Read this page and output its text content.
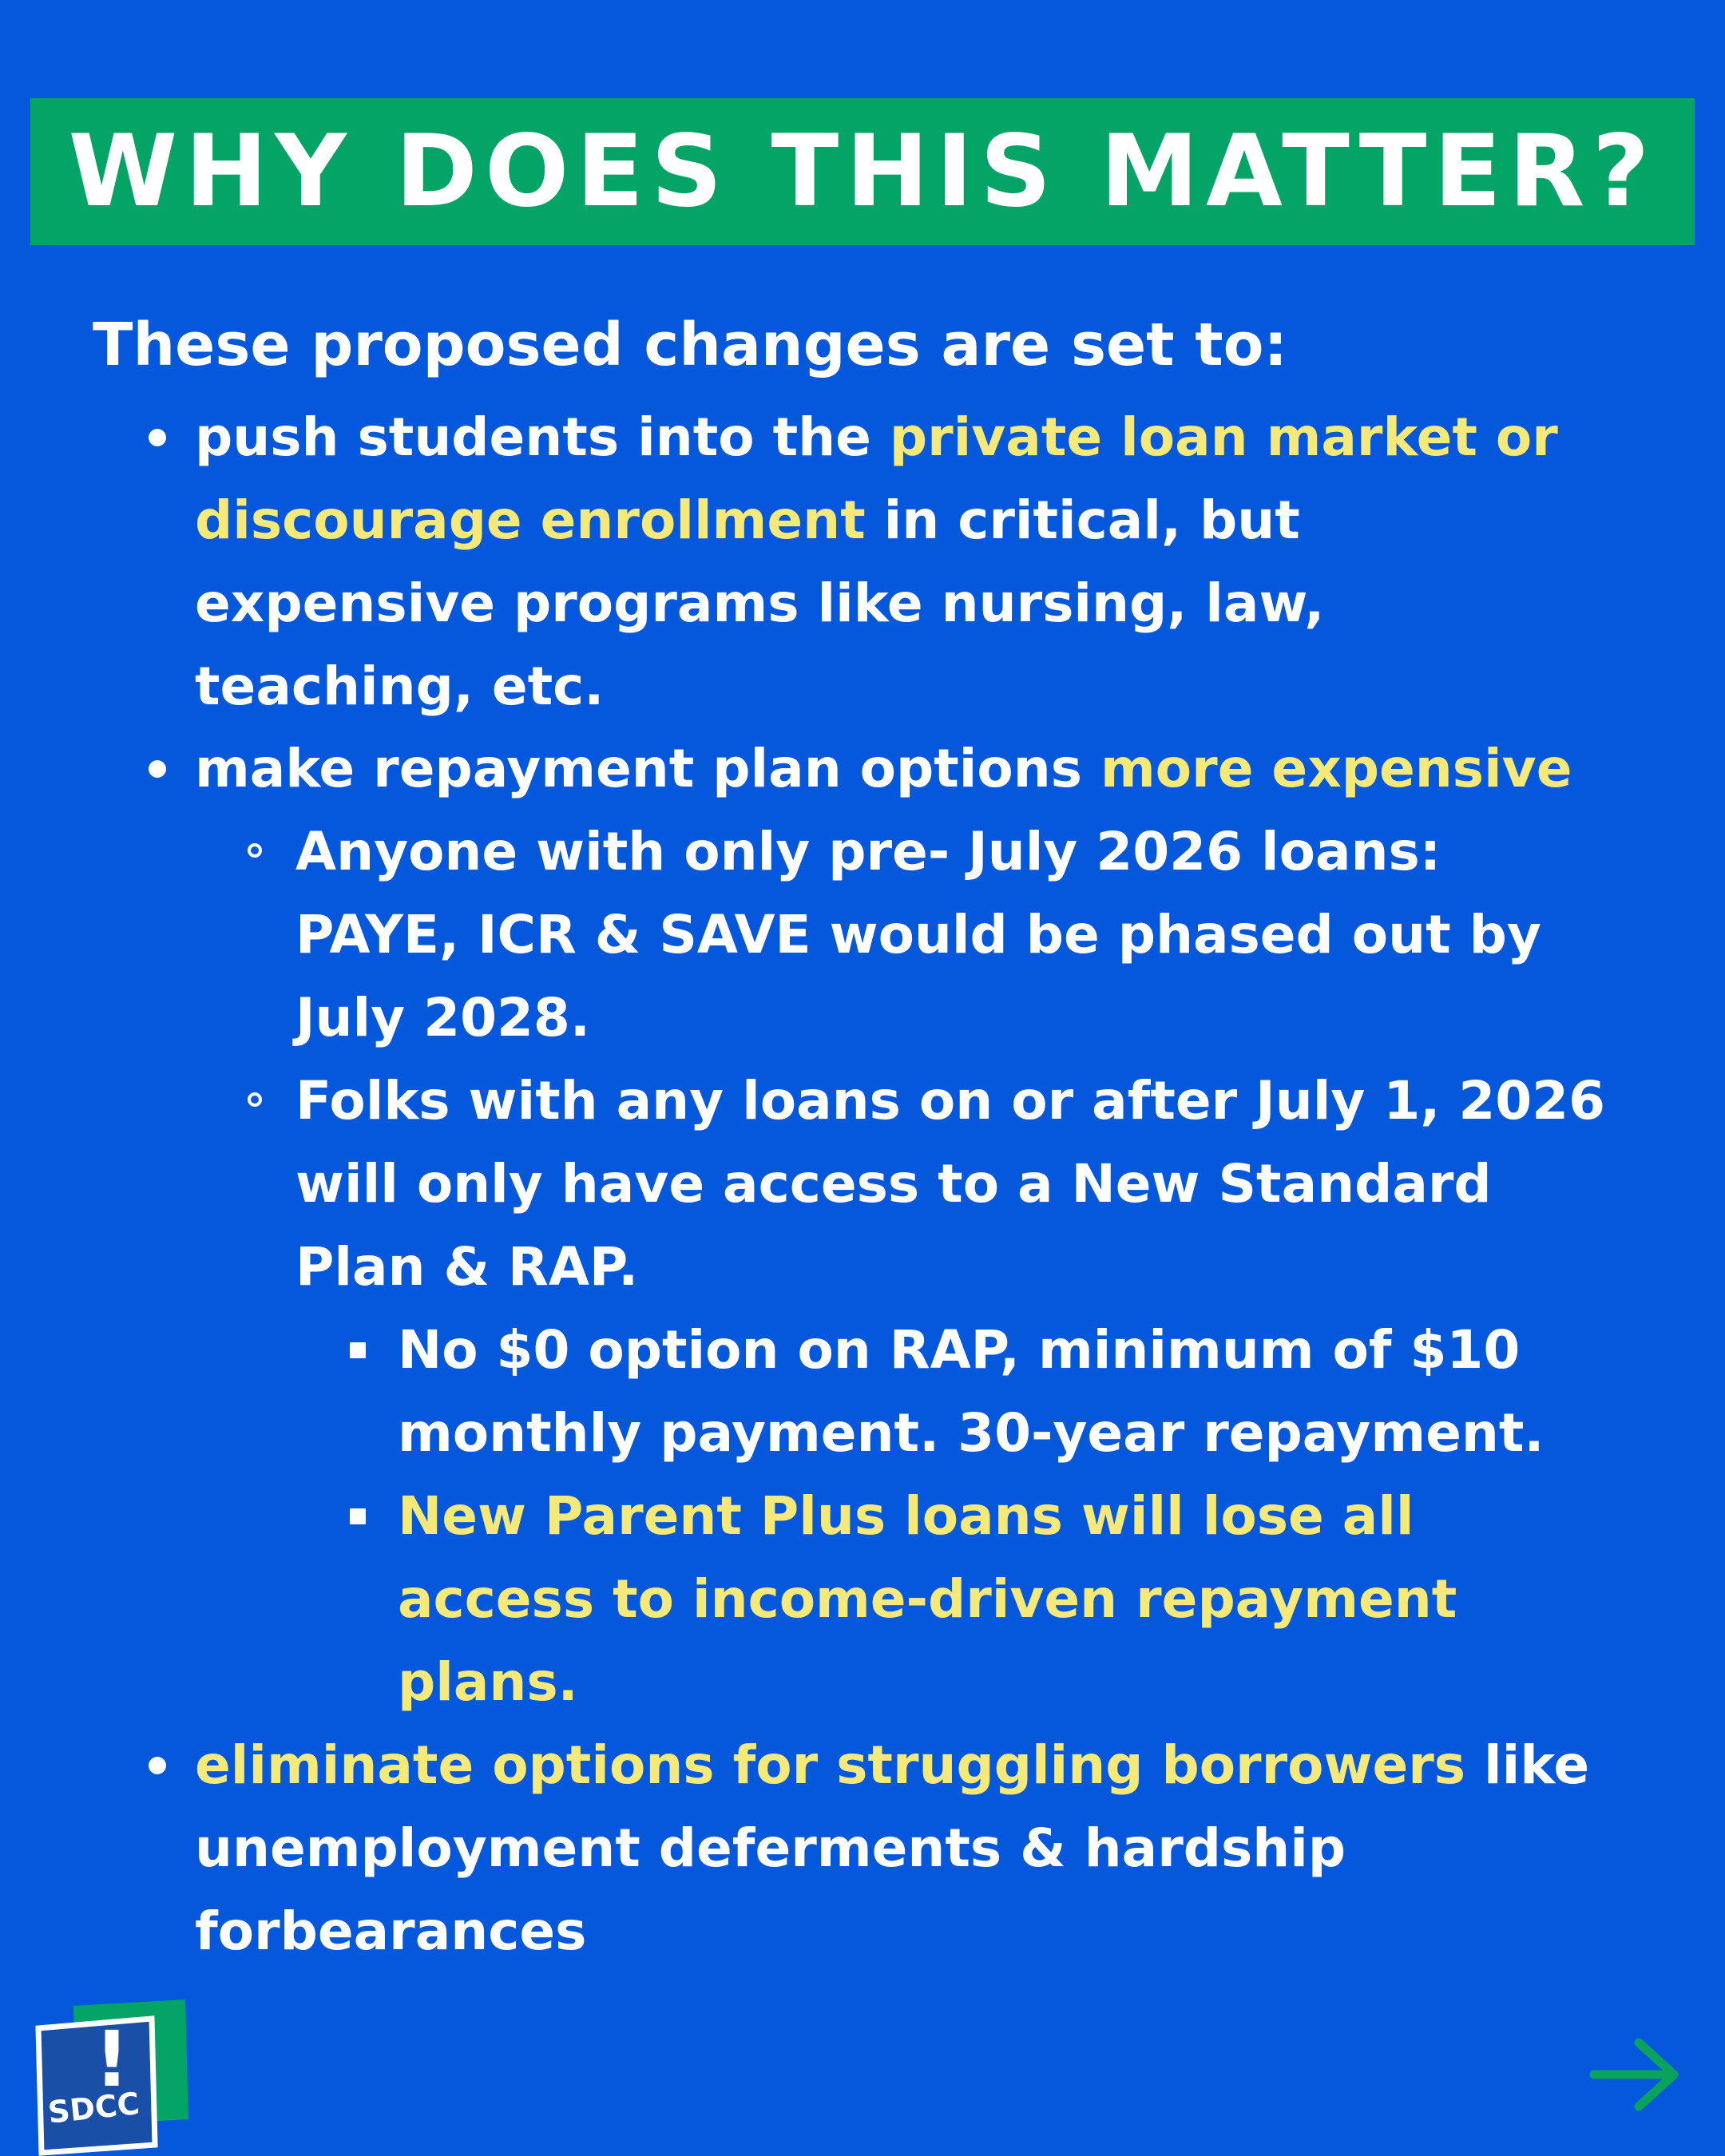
WHY DOES THIS MATTER?
These proposed changes are set to:
push students into the private loan market or
discourage enrollment in critical, but
expensive programs like nursing, law,
teaching, etc.
make repayment plan options more expensive
Anyone with only pre- July 2026 loans:
PAYE, ICR & SAVE would be phased out by
July 2028.
Folks with any loans on or after July 1, 2026
will only have access to a New Standard
Plan & RAP.
No $0 option on RAP, minimum of $10
monthly payment. 30-year repayment.
New Parent Plus loans will lose all
access to income-driven repayment
plans.
eliminate options for struggling borrowers like
unemployment deferments & hardship
forbearances
!
SDCC
